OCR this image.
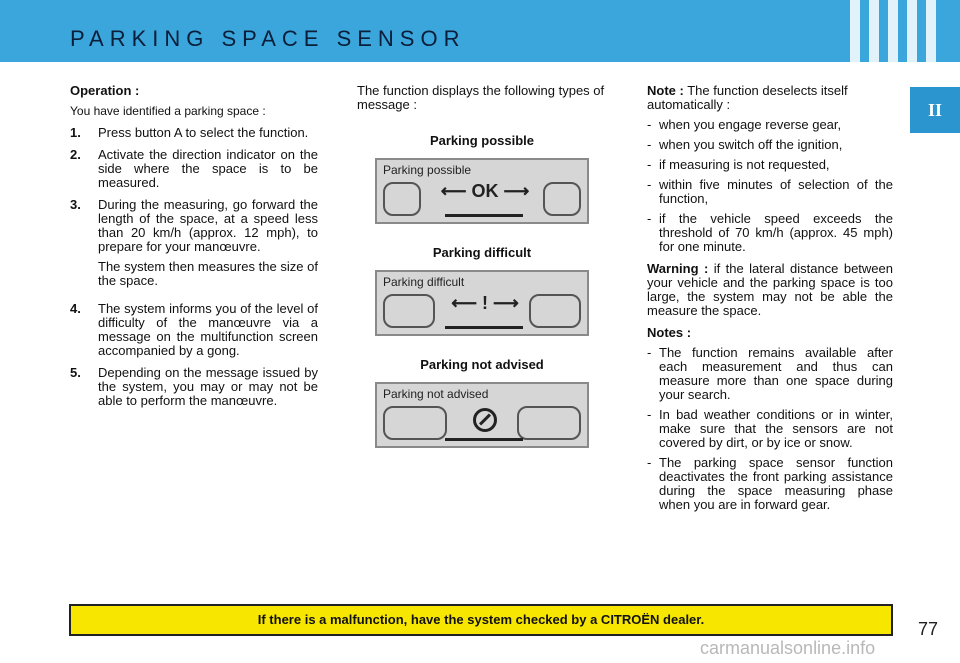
PARKING SPACE SENSOR
II
Operation :
You have identified a parking space :
1.	Press button A to select the function.
2.	Activate the direction indicator on the side where the space is to be measured.
3.	During the measuring, go forward the length of the space, at a speed less than 20 km/h (approx. 12 mph), to prepare for your manœuvre.

The system then measures the size of the space.

4.	The system informs you of the level of difficulty of the manœuvre via a message on the multifunction screen accompanied by a gong.
5.	Depending on the message issued by the system, you may or may not be able to perform the manœuvre.

The function displays the following types of message :

Parking possible
Parking possible
⟵ OK ⟶
Parking difficult
Parking difficult
⟵ ! ⟶
Parking not advised
Parking not advised
Note : The function deselects itself automatically :
- when you engage reverse gear,
- when you switch off the ignition,
- if measuring is not requested,
- within five minutes of selection of the function,
- if the vehicle speed exceeds the threshold of 70 km/h (approx. 45 mph) for one minute.
Warning : if the lateral distance between your vehicle and the parking space is too large, the system may not be able the measure the space.
Notes :
- The function remains available after each measurement and thus can measure more than one space during your search.
- In bad weather conditions or in winter, make sure that the sensors are not covered by dirt, or by ice or snow.
- The parking space sensor function deactivates the front parking assistance during the space measuring phase when you are in forward gear.
If there is a malfunction, have the system checked by a CITROËN dealer.	77
carmanualsonline.info
